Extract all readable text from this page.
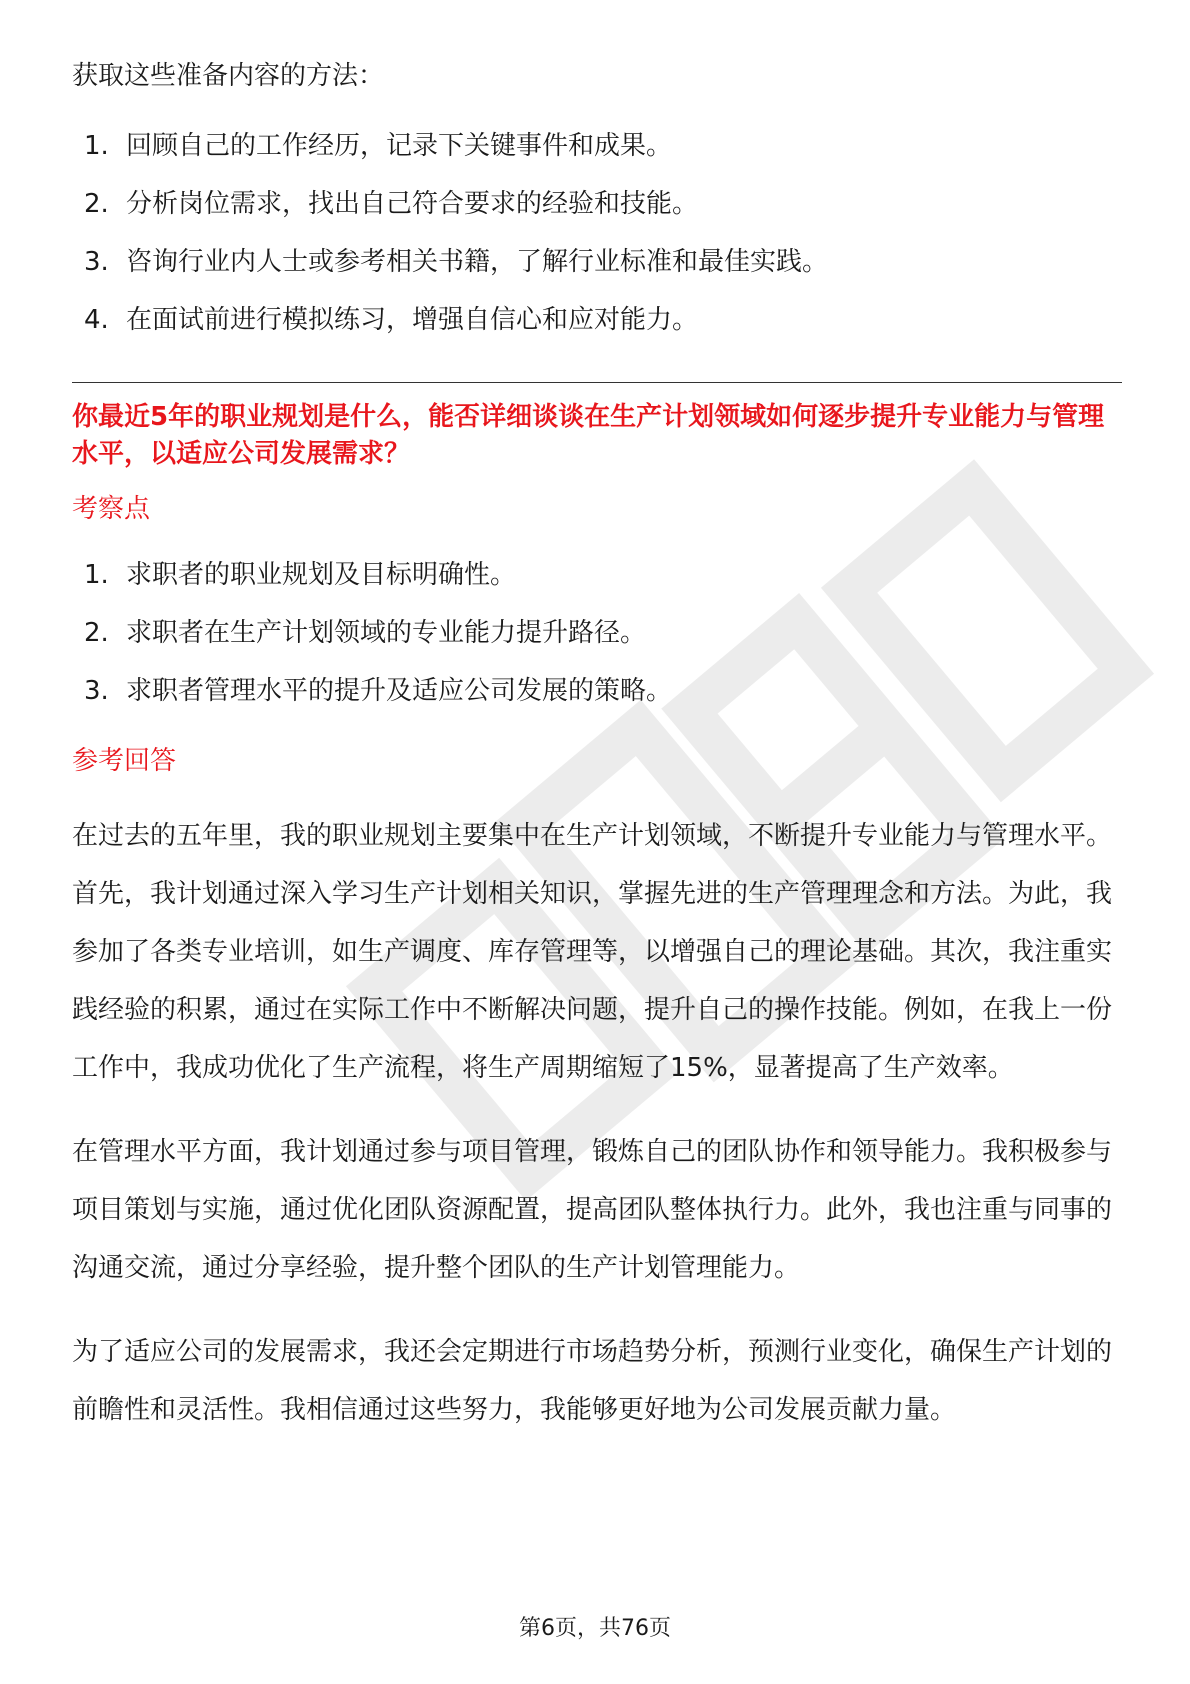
获取这些准备内容的方法：

1. 回顾自己的工作经历，记录下关键事件和成果。
2. 分析岗位需求，找出自己符合要求的经验和技能。
3. 咨询行业内人士或参考相关书籍，了解行业标准和最佳实践。
4. 在面试前进行模拟练习，增强自信心和应对能力。

你最近5年的职业规划是什么，能否详细谈谈在生产计划领域如何逐步提升专业能力与管理水平，以适应公司发展需求？

考察点

1. 求职者的职业规划及目标明确性。
2. 求职者在生产计划领域的专业能力提升路径。
3. 求职者管理水平的提升及适应公司发展的策略。

参考回答

在过去的五年里，我的职业规划主要集中在生产计划领域，不断提升专业能力与管理水平。首先，我计划通过深入学习生产计划相关知识，掌握先进的生产管理理念和方法。为此，我参加了各类专业培训，如生产调度、库存管理等，以增强自己的理论基础。其次，我注重实践经验的积累，通过在实际工作中不断解决问题，提升自己的操作技能。例如，在我上一份工作中，我成功优化了生产流程，将生产周期缩短了15%，显著提高了生产效率。

在管理水平方面，我计划通过参与项目管理，锻炼自己的团队协作和领导能力。我积极参与项目策划与实施，通过优化团队资源配置，提高团队整体执行力。此外，我也注重与同事的沟通交流，通过分享经验，提升整个团队的生产计划管理能力。

为了适应公司的发展需求，我还会定期进行市场趋势分析，预测行业变化，确保生产计划的前瞻性和灵活性。我相信通过这些努力，我能够更好地为公司发展贡献力量。

第6页，共76页
